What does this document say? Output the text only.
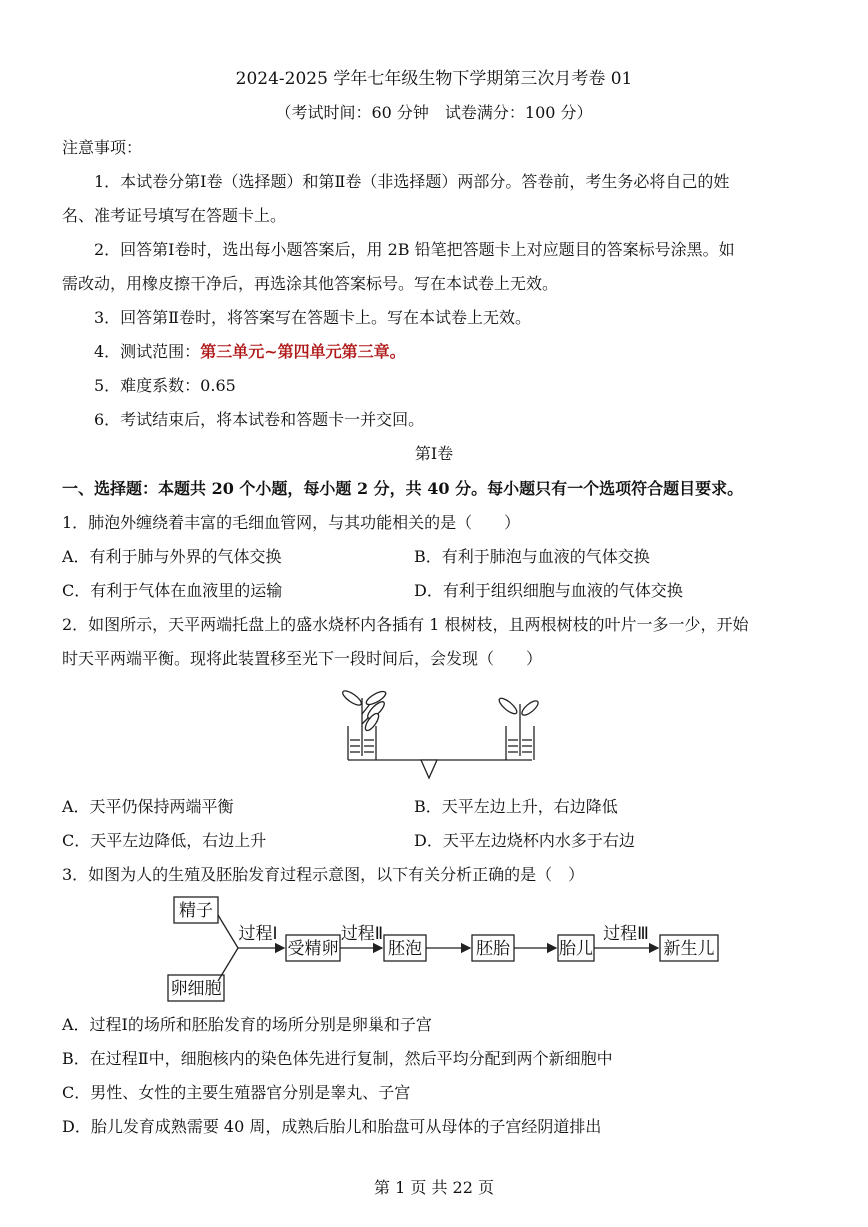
2024-2025 学年七年级生物下学期第三次月考卷 01
（考试时间：60 分钟　试卷满分：100 分）
注意事项：
1．本试卷分第Ⅰ卷（选择题）和第Ⅱ卷（非选择题）两部分。答卷前，考生务必将自己的姓
名、准考证号填写在答题卡上。
2．回答第Ⅰ卷时，选出每小题答案后，用 2B 铅笔把答题卡上对应题目的答案标号涂黑。如
需改动，用橡皮擦干净后，再选涂其他答案标号。写在本试卷上无效。
3．回答第Ⅱ卷时，将答案写在答题卡上。写在本试卷上无效。
4．测试范围：第三单元~第四单元第三章。
5．难度系数：0.65
6．考试结束后，将本试卷和答题卡一并交回。
第Ⅰ卷
一、选择题：本题共 20 个小题，每小题 2 分，共 40 分。每小题只有一个选项符合题目要求。
1．肺泡外缠绕着丰富的毛细血管网，与其功能相关的是（　　）
A．有利于肺与外界的气体交换	B．有利于肺泡与血液的气体交换
C．有利于气体在血液里的运输	D．有利于组织细胞与血液的气体交换
2．如图所示，天平两端托盘上的盛水烧杯内各插有 1 根树枝，且两根树枝的叶片一多一少，开始
时天平两端平衡。现将此装置移至光下一段时间后，会发现（　　）
A．天平仍保持两端平衡	B．天平左边上升，右边降低
C．天平左边降低，右边上升	D．天平左边烧杯内水多于右边
3．如图为人的生殖及胚胎发育过程示意图，以下有关分析正确的是（　）
精子
卵细胞
过程Ⅰ
受精卵
过程Ⅱ
胚泡	胚胎	胎儿
过程Ⅲ
新生儿
A．过程Ⅰ的场所和胚胎发育的场所分别是卵巢和子宫
B．在过程Ⅱ中，细胞核内的染色体先进行复制，然后平均分配到两个新细胞中
C．男性、女性的主要生殖器官分别是睾丸、子宫
D．胎儿发育成熟需要 40 周，成熟后胎儿和胎盘可从母体的子宫经阴道排出
第 1 页 共 22 页
